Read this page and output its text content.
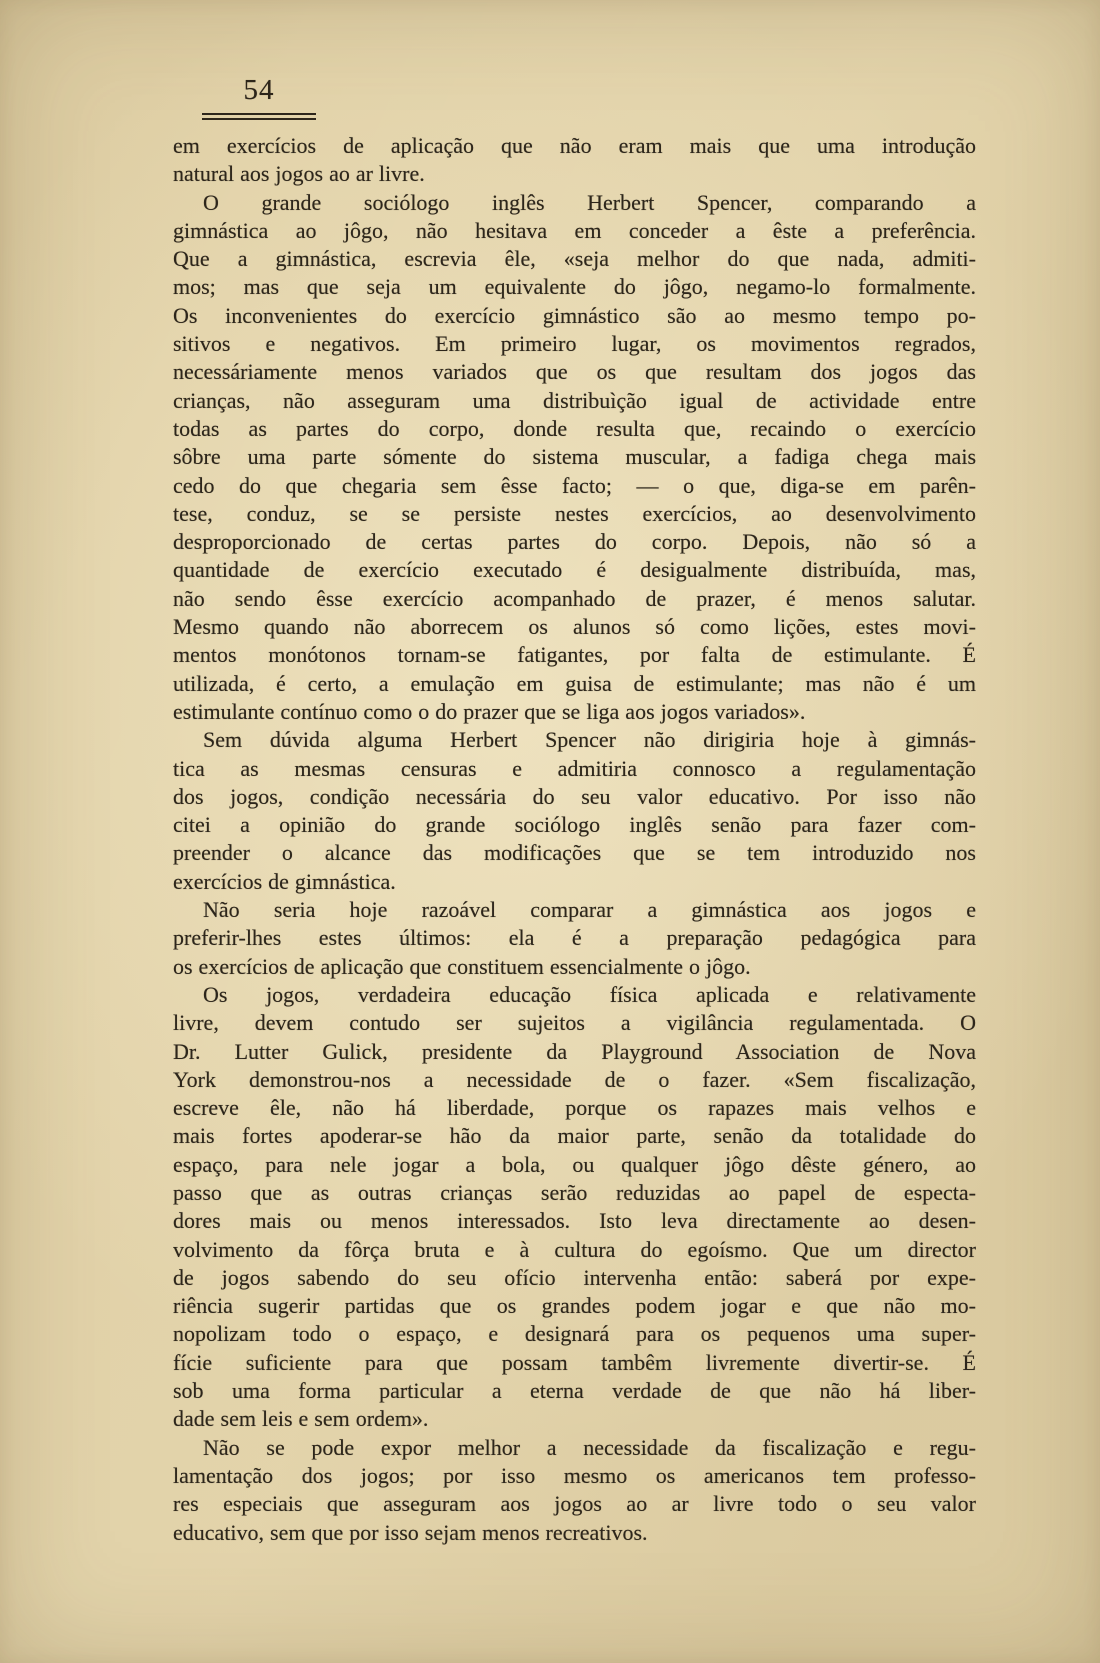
54
em exercícios de aplicação que não eram mais que uma introdução
natural aos jogos ao ar livre.
O grande sociólogo inglês Herbert Spencer, comparando a
gimnástica ao jôgo, não hesitava em conceder a êste a preferência.
Que a gimnástica, escrevia êle, «seja melhor do que nada, admiti-
mos; mas que seja um equivalente do jôgo, negamo-lo formalmente.
Os inconvenientes do exercício gimnástico são ao mesmo tempo po-
sitivos e negativos. Em primeiro lugar, os movimentos regrados,
necessáriamente menos variados que os que resultam dos jogos das
crianças, não asseguram uma distribuìção igual de actividade entre
todas as partes do corpo, donde resulta que, recaindo o exercício
sôbre uma parte sómente do sistema muscular, a fadiga chega mais
cedo do que chegaria sem êsse facto; — o que, diga-se em parên-
tese, conduz, se se persiste nestes exercícios, ao desenvolvimento
desproporcionado de certas partes do corpo. Depois, não só a
quantidade de exercício executado é desigualmente distribuída, mas,
não sendo êsse exercício acompanhado de prazer, é menos salutar.
Mesmo quando não aborrecem os alunos só como lições, estes movi-
mentos monótonos tornam-se fatigantes, por falta de estimulante. É
utilizada, é certo, a emulação em guisa de estimulante; mas não é um
estimulante contínuo como o do prazer que se liga aos jogos variados».
Sem dúvida alguma Herbert Spencer não dirigiria hoje à gimnás-
tica as mesmas censuras e admitiria connosco a regulamentação
dos jogos, condição necessária do seu valor educativo. Por isso não
citei a opinião do grande sociólogo inglês senão para fazer com-
preender o alcance das modificações que se tem introduzido nos
exercícios de gimnástica.
Não seria hoje razoável comparar a gimnástica aos jogos e
preferir-lhes estes últimos: ela é a preparação pedagógica para
os exercícios de aplicação que constituem essencialmente o jôgo.
Os jogos, verdadeira educação física aplicada e relativamente
livre, devem contudo ser sujeitos a vigilância regulamentada. O
Dr. Lutter Gulick, presidente da Playground Association de Nova
York demonstrou-nos a necessidade de o fazer. «Sem fiscalização,
escreve êle, não há liberdade, porque os rapazes mais velhos e
mais fortes apoderar-se hão da maior parte, senão da totalidade do
espaço, para nele jogar a bola, ou qualquer jôgo dêste género, ao
passo que as outras crianças serão reduzidas ao papel de especta-
dores mais ou menos interessados. Isto leva directamente ao desen-
volvimento da fôrça bruta e à cultura do egoísmo. Que um director
de jogos sabendo do seu ofício intervenha então: saberá por expe-
riência sugerir partidas que os grandes podem jogar e que não mo-
nopolizam todo o espaço, e designará para os pequenos uma super-
fície suficiente para que possam tambêm livremente divertir-se. É
sob uma forma particular a eterna verdade de que não há liber-
dade sem leis e sem ordem».
Não se pode expor melhor a necessidade da fiscalização e regu-
lamentação dos jogos; por isso mesmo os americanos tem professo-
res especiais que asseguram aos jogos ao ar livre todo o seu valor
educativo, sem que por isso sejam menos recreativos.
